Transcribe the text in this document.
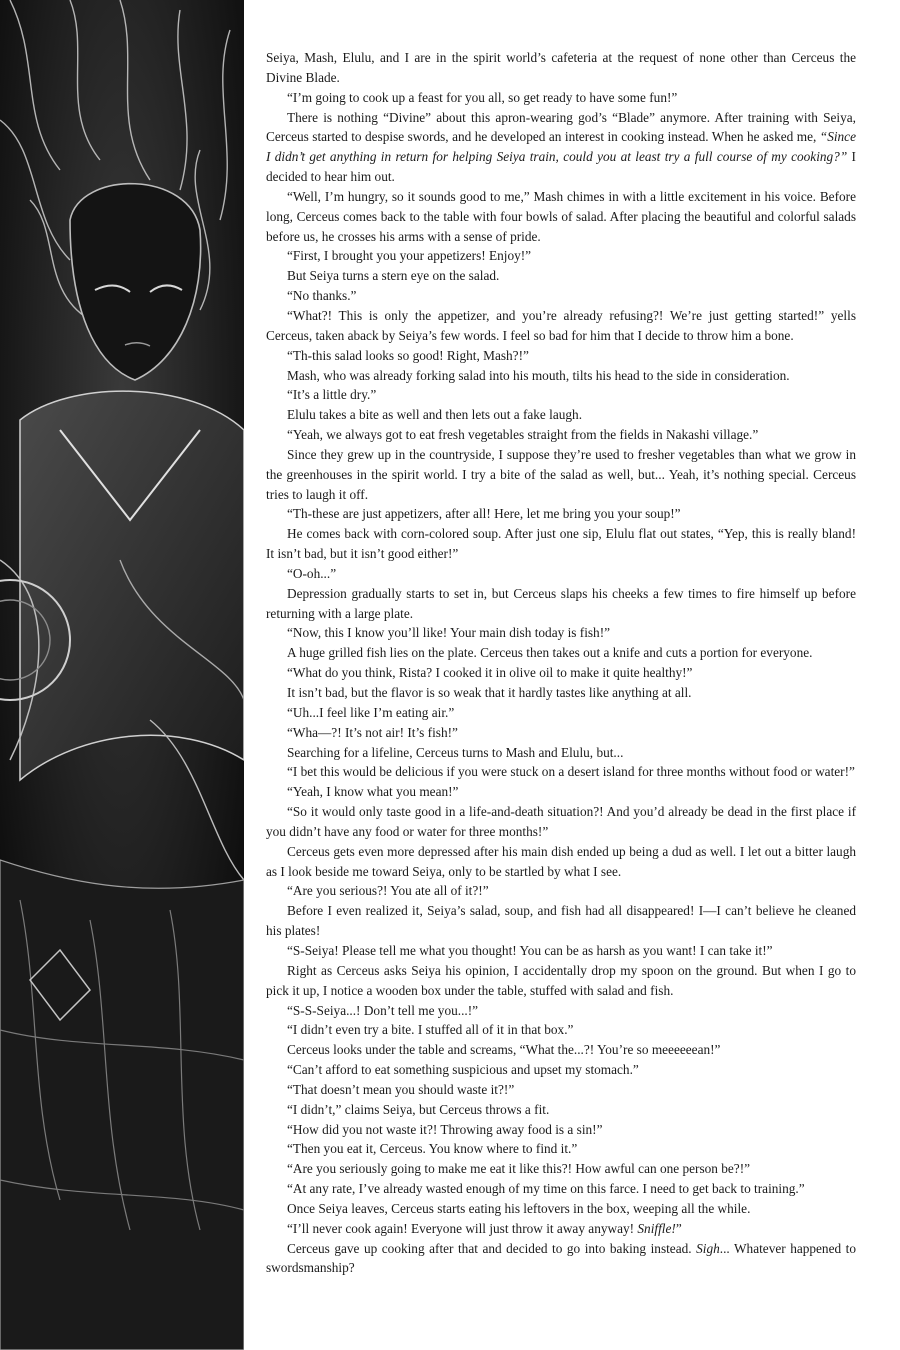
Seiya, Mash, Elulu, and I are in the spirit world’s cafeteria at the request of none other than Cerceus the Divine Blade.

“I’m going to cook up a feast for you all, so get ready to have some fun!”

There is nothing “Divine” about this apron-wearing god’s “Blade” anymore. After training with Seiya, Cerceus started to despise swords, and he developed an interest in cooking instead. When he asked me, “Since I didn’t get anything in return for helping Seiya train, could you at least try a full course of my cooking?” I decided to hear him out.

“Well, I’m hungry, so it sounds good to me,” Mash chimes in with a little excitement in his voice. Before long, Cerceus comes back to the table with four bowls of salad. After placing the beautiful and colorful salads before us, he crosses his arms with a sense of pride.

“First, I brought you your appetizers! Enjoy!”

But Seiya turns a stern eye on the salad.

“No thanks.”

“What?! This is only the appetizer, and you’re already refusing?! We’re just getting started!” yells Cerceus, taken aback by Seiya’s few words. I feel so bad for him that I decide to throw him a bone.

“Th-this salad looks so good! Right, Mash?!”

Mash, who was already forking salad into his mouth, tilts his head to the side in consideration.

“It’s a little dry.”

Elulu takes a bite as well and then lets out a fake laugh.

“Yeah, we always got to eat fresh vegetables straight from the fields in Nakashi village.”

Since they grew up in the countryside, I suppose they’re used to fresher vegetables than what we grow in the greenhouses in the spirit world. I try a bite of the salad as well, but... Yeah, it’s nothing special. Cerceus tries to laugh it off.

“Th-these are just appetizers, after all! Here, let me bring you your soup!”

He comes back with corn-colored soup. After just one sip, Elulu flat out states, “Yep, this is really bland! It isn’t bad, but it isn’t good either!”

“O-oh...”

Depression gradually starts to set in, but Cerceus slaps his cheeks a few times to fire himself up before returning with a large plate.

“Now, this I know you’ll like! Your main dish today is fish!”

A huge grilled fish lies on the plate. Cerceus then takes out a knife and cuts a portion for everyone.

“What do you think, Rista? I cooked it in olive oil to make it quite healthy!”

It isn’t bad, but the flavor is so weak that it hardly tastes like anything at all.

“Uh...I feel like I’m eating air.”

“Wha—?! It’s not air! It’s fish!”

Searching for a lifeline, Cerceus turns to Mash and Elulu, but...

“I bet this would be delicious if you were stuck on a desert island for three months without food or water!”

“Yeah, I know what you mean!”

“So it would only taste good in a life-and-death situation?! And you’d already be dead in the first place if you didn’t have any food or water for three months!”

Cerceus gets even more depressed after his main dish ended up being a dud as well. I let out a bitter laugh as I look beside me toward Seiya, only to be startled by what I see.

“Are you serious?! You ate all of it?!”

Before I even realized it, Seiya’s salad, soup, and fish had all disappeared! I—I can’t believe he cleaned his plates!

“S-Seiya! Please tell me what you thought! You can be as harsh as you want! I can take it!”

Right as Cerceus asks Seiya his opinion, I accidentally drop my spoon on the ground. But when I go to pick it up, I notice a wooden box under the table, stuffed with salad and fish.

“S-S-Seiya...! Don’t tell me you...!”

“I didn’t even try a bite. I stuffed all of it in that box.”

Cerceus looks under the table and screams, “What the...?! You’re so meeeeeean!”

“Can’t afford to eat something suspicious and upset my stomach.”

“That doesn’t mean you should waste it?!”

“I didn’t,” claims Seiya, but Cerceus throws a fit.

“How did you not waste it?! Throwing away food is a sin!”

“Then you eat it, Cerceus. You know where to find it.”

“Are you seriously going to make me eat it like this?! How awful can one person be?!”

“At any rate, I’ve already wasted enough of my time on this farce. I need to get back to training.”

Once Seiya leaves, Cerceus starts eating his leftovers in the box, weeping all the while.

“I’ll never cook again! Everyone will just throw it away anyway! Sniffle!”

Cerceus gave up cooking after that and decided to go into baking instead. Sigh... Whatever happened to swordsmanship?
